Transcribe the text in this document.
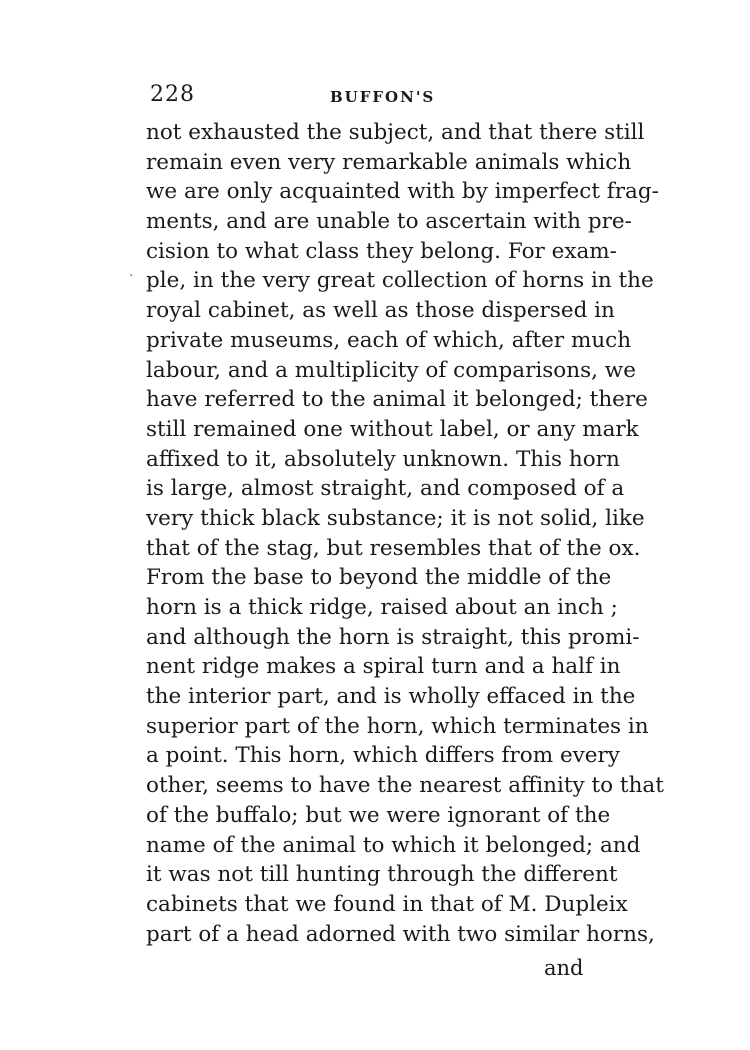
228	BUFFON'S
·
not exhausted the subject, and that there still
remain even very remarkable animals which
we are only acquainted with by imperfect frag-
ments, and are unable to ascertain with pre-
cision to what class they belong. For exam-
ple, in the very great collection of horns in the
royal cabinet, as well as those dispersed in
private museums, each of which, after much
labour, and a multiplicity of comparisons, we
have referred to the animal it belonged; there
still remained one without label, or any mark
affixed to it, absolutely unknown. This horn
is large, almost straight, and composed of a
very thick black substance; it is not solid, like
that of the stag, but resembles that of the ox.
From the base to beyond the middle of the
horn is a thick ridge, raised about an inch ;
and although the horn is straight, this promi-
nent ridge makes a spiral turn and a half in
the interior part, and is wholly effaced in the
superior part of the horn, which terminates in
a point. This horn, which differs from every
other, seems to have the nearest affinity to that
of the buffalo; but we were ignorant of the
name of the animal to which it belonged; and
it was not till hunting through the different
cabinets that we found in that of M. Dupleix
part of a head adorned with two similar horns,
and
